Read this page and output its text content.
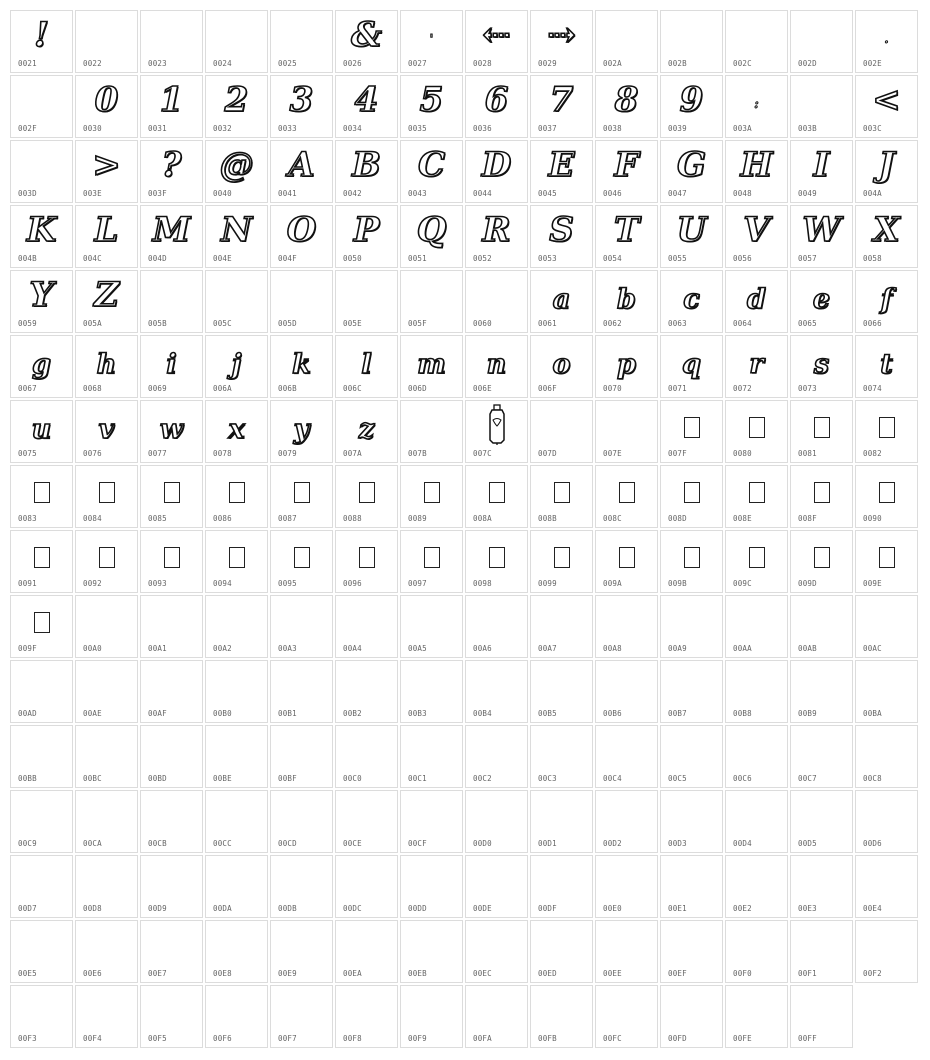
!
0021	0022	0023	0024	0025
&
0026
'
0027
⇠
0028
⇢
0029	002A	002B	002C	002D
.
002E
002F
0
0030
1
0031
2
0032
3
0033
4
0034
5
0035
6
0036
7
0037
8
0038
9
0039
:
003A	003B
<
003C
003D
>
003E
?
003F
@
0040
A
0041
B
0042
C
0043
D
0044
E
0045
F
0046
G
0047
H
0048
I
0049
J
004A
K
004B
L
004C
M
004D
N
004E
O
004F
P
0050
Q
0051
R
0052
S
0053
T
0054
U
0055
V
0056
W
0057
X
0058
Y
0059
Z
005A	005B	005C	005D	005E	005F	0060
a
0061
b
0062
c
0063
d
0064
e
0065
f
0066
g
0067
h
0068
i
0069
j
006A
k
006B
l
006C
m
006D
n
006E
o
006F
p
0070
q
0071
r
0072
s
0073
t
0074
u
0075
v
0076
w
0077
x
0078
y
0079
z
007A	007B	007C	007D	007E	007F	0080	0081	0082
0083	0084	0085	0086	0087	0088	0089	008A	008B	008C	008D	008E	008F	0090
0091	0092	0093	0094	0095	0096	0097	0098	0099	009A	009B	009C	009D	009E
009F	00A0	00A1	00A2	00A3	00A4	00A5	00A6	00A7	00A8	00A9	00AA	00AB	00AC
00AD	00AE	00AF	00B0	00B1	00B2	00B3	00B4	00B5	00B6	00B7	00B8	00B9	00BA
00BB	00BC	00BD	00BE	00BF	00C0	00C1	00C2	00C3	00C4	00C5	00C6	00C7	00C8
00C9	00CA	00CB	00CC	00CD	00CE	00CF	00D0	00D1	00D2	00D3	00D4	00D5	00D6
00D7	00D8	00D9	00DA	00DB	00DC	00DD	00DE	00DF	00E0	00E1	00E2	00E3	00E4
00E5	00E6	00E7	00E8	00E9	00EA	00EB	00EC	00ED	00EE	00EF	00F0	00F1	00F2
00F3	00F4	00F5	00F6	00F7	00F8	00F9	00FA	00FB	00FC	00FD	00FE	00FF
